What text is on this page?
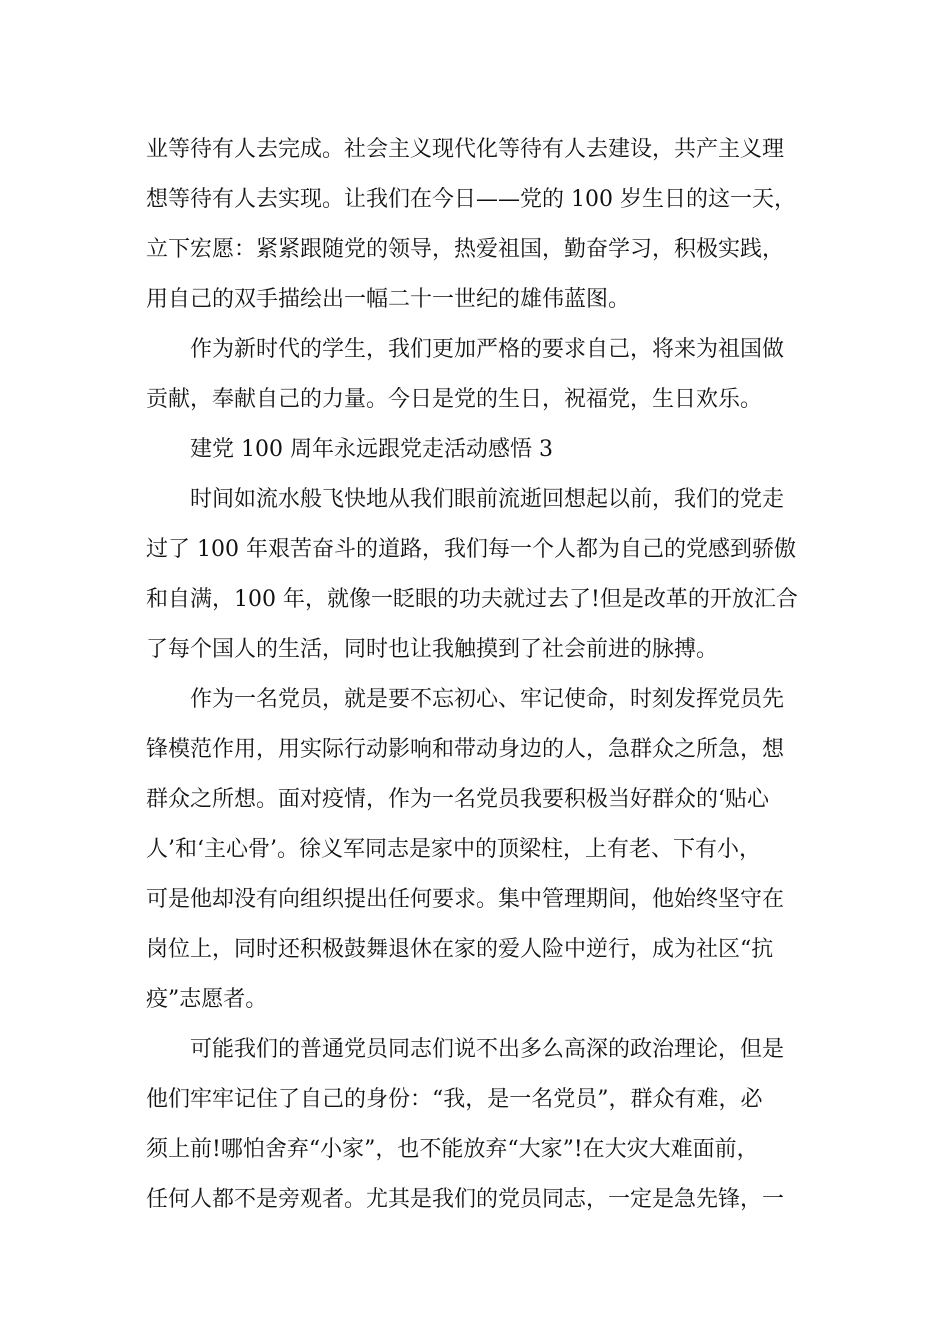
业等待有人去完成。社会主义现代化等待有人去建设，共产主义理

想等待有人去实现。让我们在今日——党的 100 岁生日的这一天，

立下宏愿：紧紧跟随党的领导，热爱祖国，勤奋学习，积极实践，

用自己的双手描绘出一幅二十一世纪的雄伟蓝图。

作为新时代的学生，我们更加严格的要求自己，将来为祖国做

贡献，奉献自己的力量。今日是党的生日，祝福党，生日欢乐。

建党 100 周年永远跟党走活动感悟 3

时间如流水般飞快地从我们眼前流逝回想起以前，我们的党走

过了 100 年艰苦奋斗的道路，我们每一个人都为自己的党感到骄傲

和自满，100 年，就像一眨眼的功夫就过去了!但是改革的开放汇合

了每个国人的生活，同时也让我触摸到了社会前进的脉搏。

作为一名党员，就是要不忘初心、牢记使命，时刻发挥党员先

锋模范作用，用实际行动影响和带动身边的人，急群众之所急，想

群众之所想。面对疫情，作为一名党员我要积极当好群众的‘贴心

人’和‘主心骨’。徐义军同志是家中的顶梁柱，上有老、下有小，

可是他却没有向组织提出任何要求。集中管理期间，他始终坚守在

岗位上，同时还积极鼓舞退休在家的爱人险中逆行，成为社区“抗

疫”志愿者。

可能我们的普通党员同志们说不出多么高深的政治理论，但是

他们牢牢记住了自己的身份：“我，是一名党员”，群众有难，必

须上前!哪怕舍弃“小家”，也不能放弃“大家”!在大灾大难面前，

任何人都不是旁观者。尤其是我们的党员同志，一定是急先锋，一
